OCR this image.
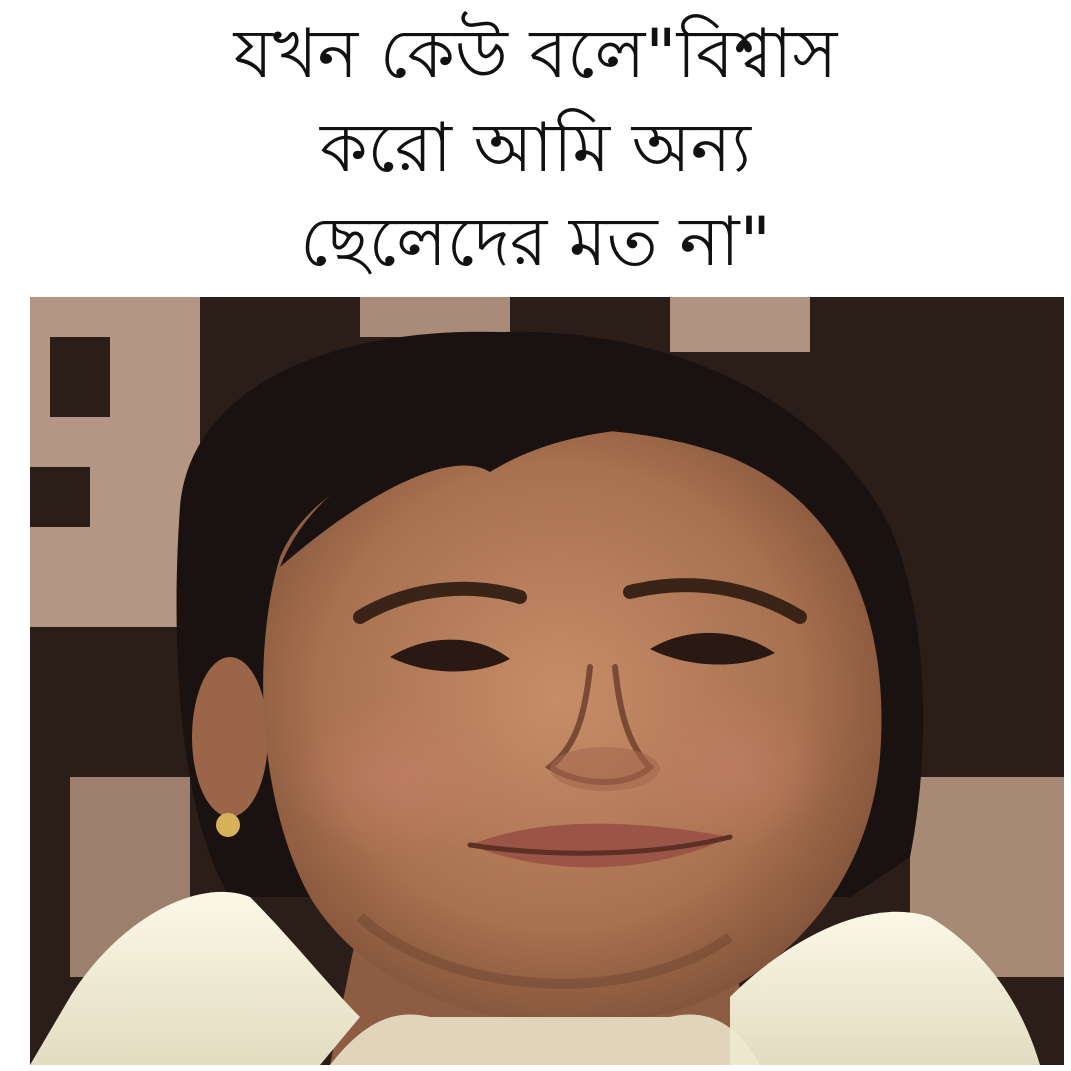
যখন কেউ বলে"বিশ্বাস
করো আমি অন্য
ছেলেদের মত না"
